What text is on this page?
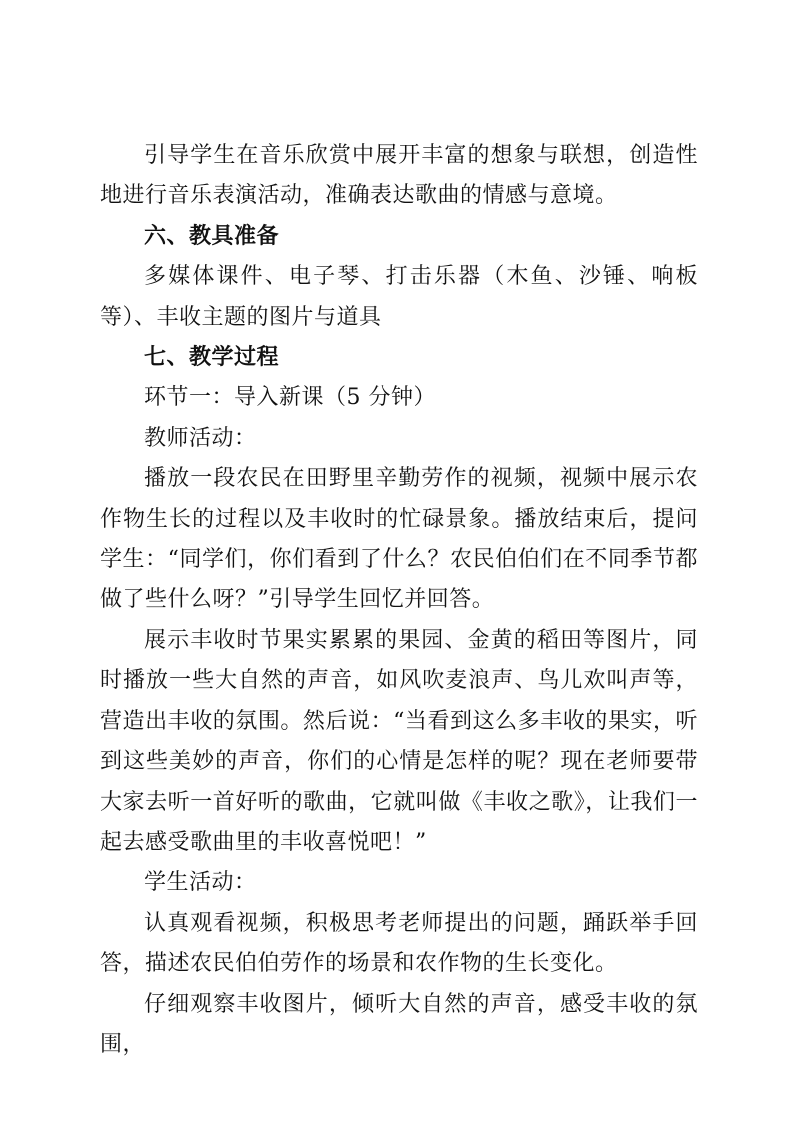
引导学生在音乐欣赏中展开丰富的想象与联想，创造性地进行音乐表演活动，准确表达歌曲的情感与意境。

六、教具准备

多媒体课件、电子琴、打击乐器（木鱼、沙锤、响板等）、丰收主题的图片与道具

七、教学过程

环节一：导入新课（5 分钟）

教师活动：

播放一段农民在田野里辛勤劳作的视频，视频中展示农作物生长的过程以及丰收时的忙碌景象。播放结束后，提问学生：“同学们，你们看到了什么？农民伯伯们在不同季节都做了些什么呀？”引导学生回忆并回答。

展示丰收时节果实累累的果园、金黄的稻田等图片，同时播放一些大自然的声音，如风吹麦浪声、鸟儿欢叫声等，营造出丰收的氛围。然后说：“当看到这么多丰收的果实，听到这些美妙的声音，你们的心情是怎样的呢？现在老师要带大家去听一首好听的歌曲，它就叫做《丰收之歌》，让我们一起去感受歌曲里的丰收喜悦吧！”

学生活动：

认真观看视频，积极思考老师提出的问题，踊跃举手回答，描述农民伯伯劳作的场景和农作物的生长变化。

仔细观察丰收图片，倾听大自然的声音，感受丰收的氛围，
